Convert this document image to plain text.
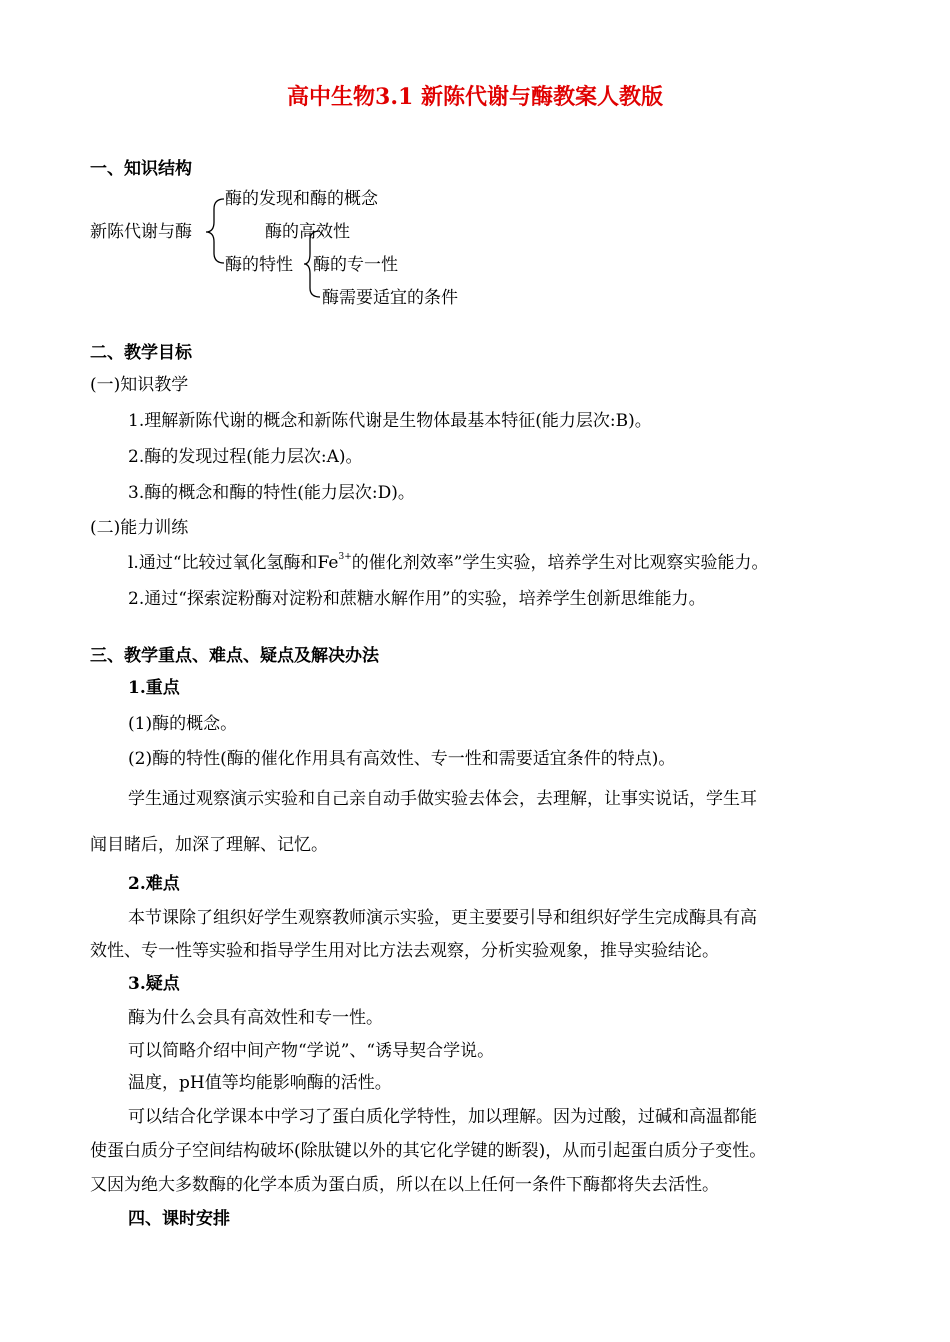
高中生物3.1 新陈代谢与酶教案人教版
一、知识结构
新陈代谢与酶
酶的发现和酶的概念
酶的特性
酶的高效性
酶的专一性
酶需要适宜的条件
二、教学目标
(一)知识教学
1.理解新陈代谢的概念和新陈代谢是生物体最基本特征(能力层次:B)。
2.酶的发现过程(能力层次:A)。
3.酶的概念和酶的特性(能力层次:D)。
(二)能力训练
l.通过“比较过氧化氢酶和$Fe^{3+}$的催化剂效率”学生实验，培养学生对比观察实验能力。
2.通过“探索淀粉酶对淀粉和蔗糖水解作用”的实验，培养学生创新思维能力。
三、教学重点、难点、疑点及解决办法
1.重点
(1)酶的概念。
(2)酶的特性(酶的催化作用具有高效性、专一性和需要适宜条件的特点)。
学生通过观察演示实验和自己亲自动手做实验去体会，去理解，让事实说话，学生耳
闻目睹后，加深了理解、记忆。
2.难点
本节课除了组织好学生观察教师演示实验，更主要要引导和组织好学生完成酶具有高
效性、专一性等实验和指导学生用对比方法去观察，分析实验观象，推导实验结论。
3.疑点
酶为什么会具有高效性和专一性。
可以简略介绍中间产物“学说”、“诱导契合学说。
温度，pH值等均能影响酶的活性。
可以结合化学课本中学习了蛋白质化学特性，加以理解。因为过酸，过碱和高温都能
使蛋白质分子空间结构破坏(除肽键以外的其它化学键的断裂)，从而引起蛋白质分子变性。
又因为绝大多数酶的化学本质为蛋白质，所以在以上任何一条件下酶都将失去活性。
四、课时安排
